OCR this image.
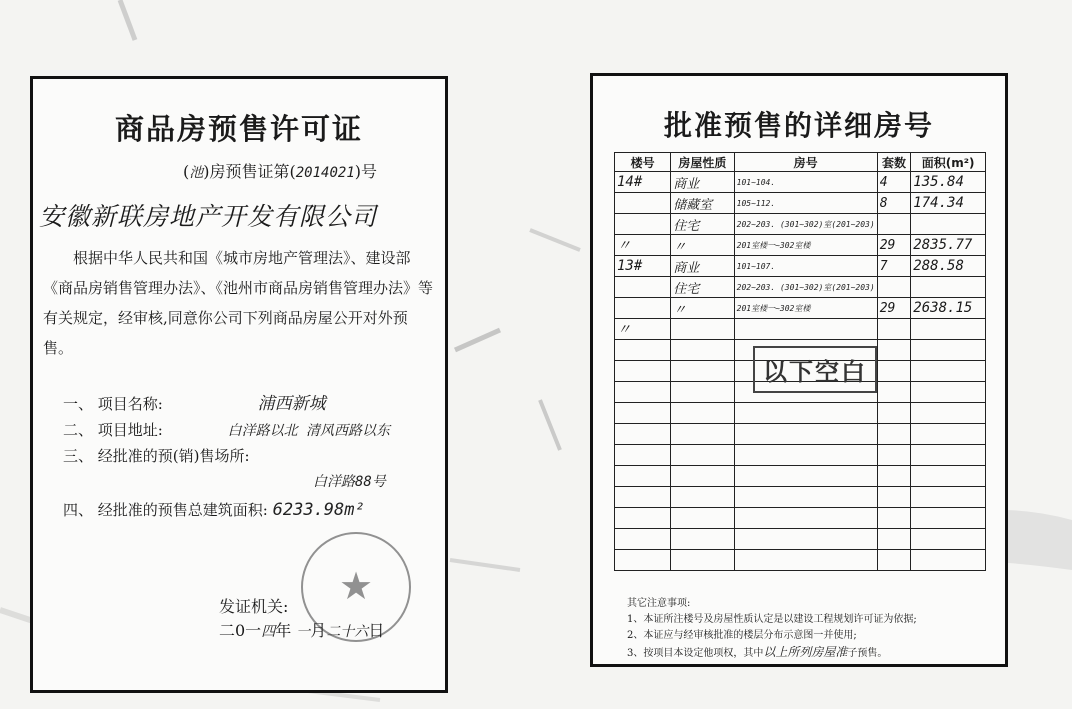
商品房预售许可证
(池)房预售证第(2014021)号
安徽新联房地产开发有限公司
根据中华人民共和国《城市房地产管理法》、建设部《商品房销售管理办法》、《池州市商品房销售管理办法》等有关规定，经审核,同意你公司下列商品房屋公开对外预售。
一、 项目名称:	浦西新城
二、 项目地址:	白洋路以北 清风西路以东
三、 经批准的预(销)售场所:
白洋路88号
四、 经批准的预售总建筑面积: 6233.98m²
★
发证机关:
二0一四年 一月二十六日
批准预售的详细房号
楼号	房屋性质	房号	套数	面积(m²)
14#	商业	101~104.	4	135.84
	储藏室	105~112.	8	174.34
	住宅	202~203. (301~302)室(201~203)		
〃	〃	201室楼一~302室楼	29	2835.77
13#	商业	101~107.	7	288.58
	住宅	202~203. (301~302)室(201~203)		
	〃	201室楼一~302室楼	29	2638.15
〃				

以下空白
其它注意事项:
1、本证所注楼号及房屋性质认定是以建设工程规划许可证为依据;
2、本证应与经审核批准的楼层分布示意图一并使用;
3、按项目本设定他项权，其中以上所列房屋准子预售。
